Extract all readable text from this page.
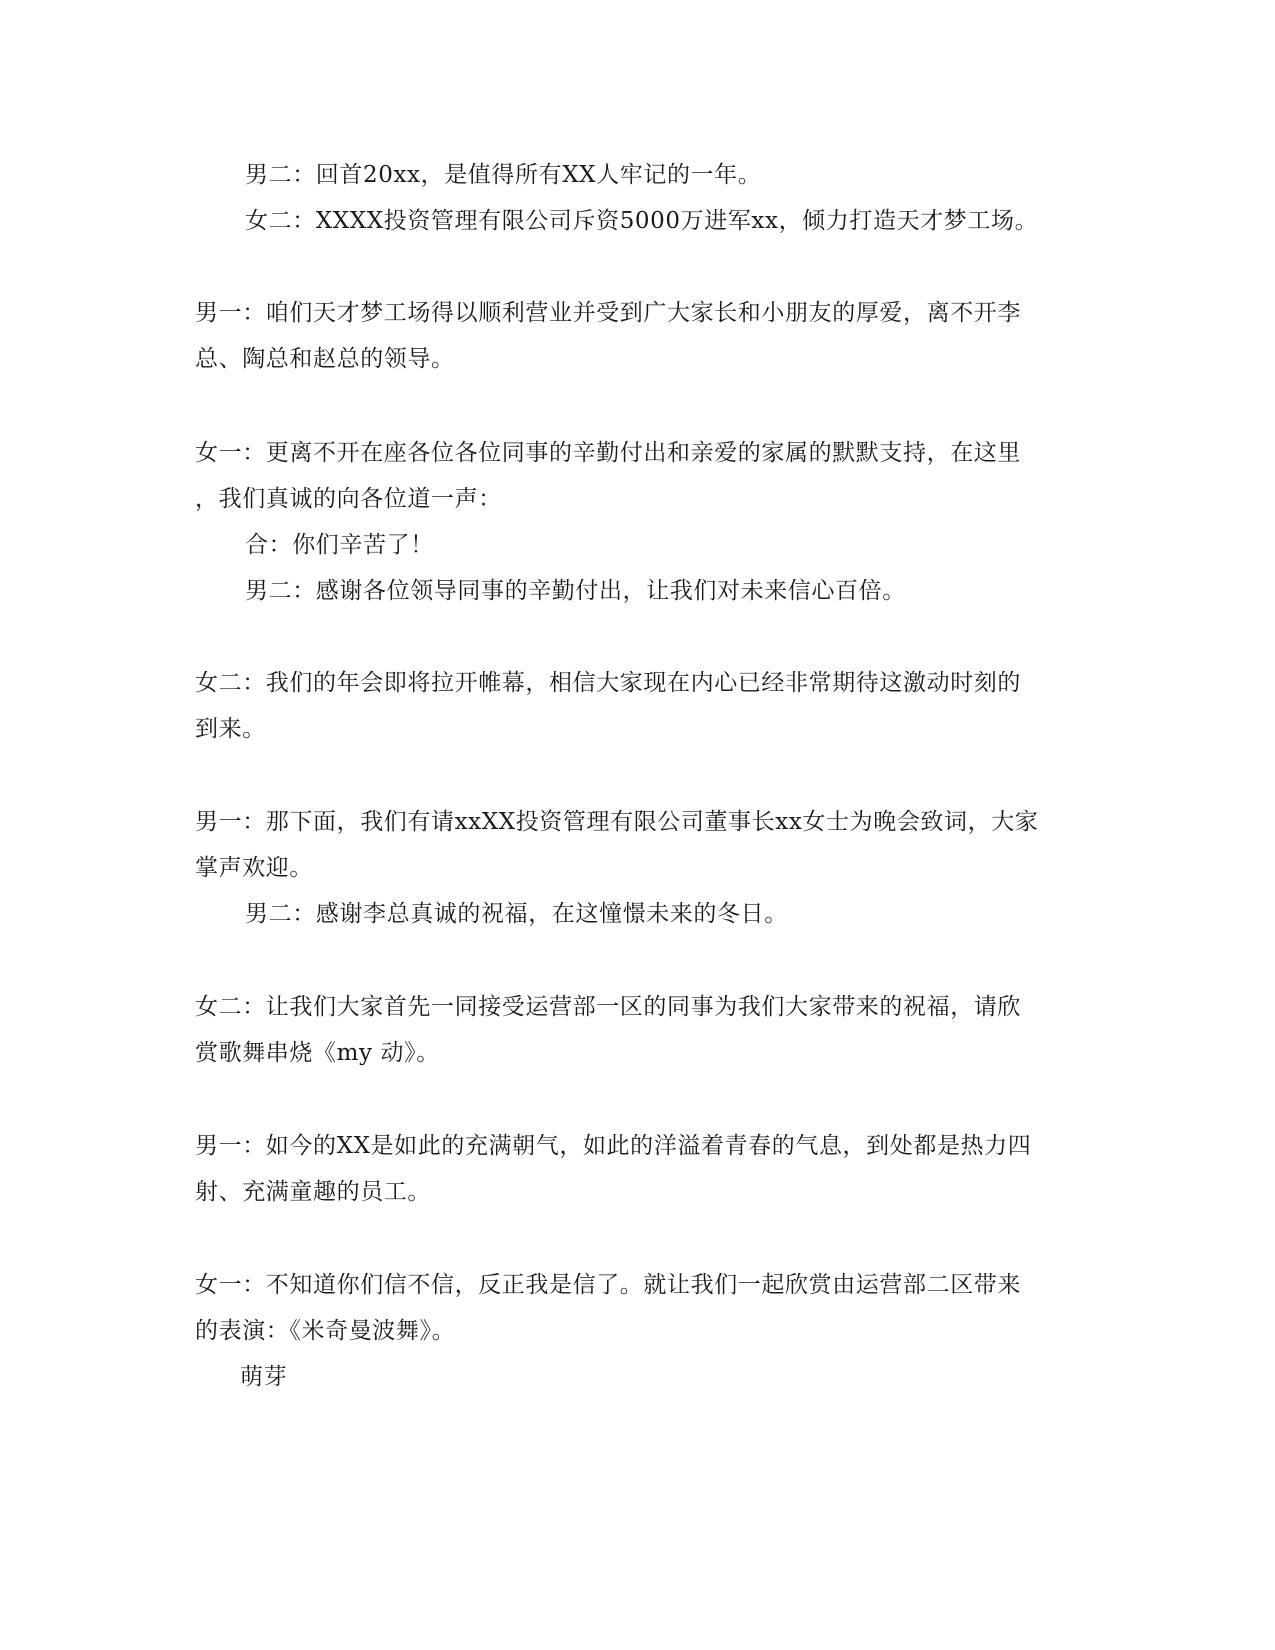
男二：回首20xx，是值得所有XX人牢记的一年。
女二：XXXX投资管理有限公司斥资5000万进军xx，倾力打造天才梦工场。
男一：咱们天才梦工场得以顺利营业并受到广大家长和小朋友的厚爱，离不开李
总、陶总和赵总的领导。
女一：更离不开在座各位各位同事的辛勤付出和亲爱的家属的默默支持，在这里
，我们真诚的向各位道一声：
合：你们辛苦了！
男二：感谢各位领导同事的辛勤付出，让我们对未来信心百倍。
女二：我们的年会即将拉开帷幕，相信大家现在内心已经非常期待这激动时刻的
到来。
男一：那下面，我们有请xxXX投资管理有限公司董事长xx女士为晚会致词，大家
掌声欢迎。
男二：感谢李总真诚的祝福，在这憧憬未来的冬日。
女二：让我们大家首先一同接受运营部一区的同事为我们大家带来的祝福，请欣
赏歌舞串烧《my 动》。
男一：如今的XX是如此的充满朝气，如此的洋溢着青春的气息，到处都是热力四
射、充满童趣的员工。
女一：不知道你们信不信，反正我是信了。就让我们一起欣赏由运营部二区带来
的表演：《米奇曼波舞》。
萌芽
